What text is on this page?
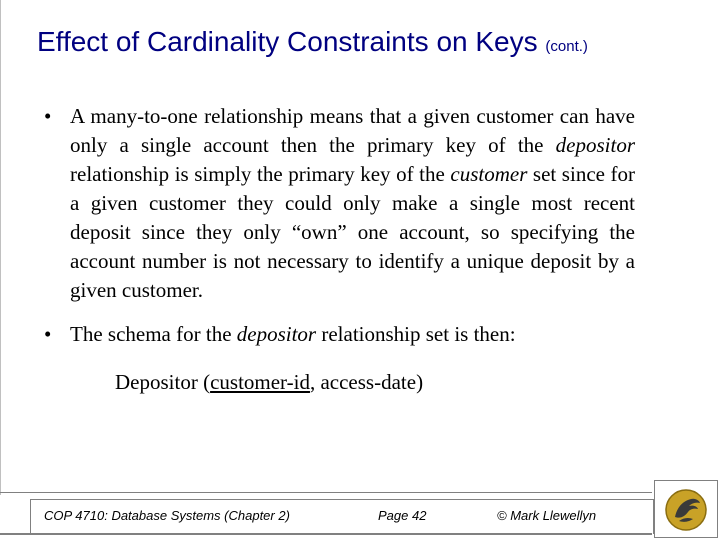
Effect of Cardinality Constraints on Keys (cont.)
• A many-to-one relationship means that a given customer can have only a single account then the primary key of the depositor relationship is simply the primary key of the customer set since for a given customer they could only make a single most recent deposit since they only “own” one account, so specifying the account number is not necessary to identify a unique deposit by a given customer.
• The schema for the depositor relationship set is then:
Depositor (customer-id, access-date)
COP 4710: Database Systems (Chapter 2)	Page 42	© Mark Llewellyn
